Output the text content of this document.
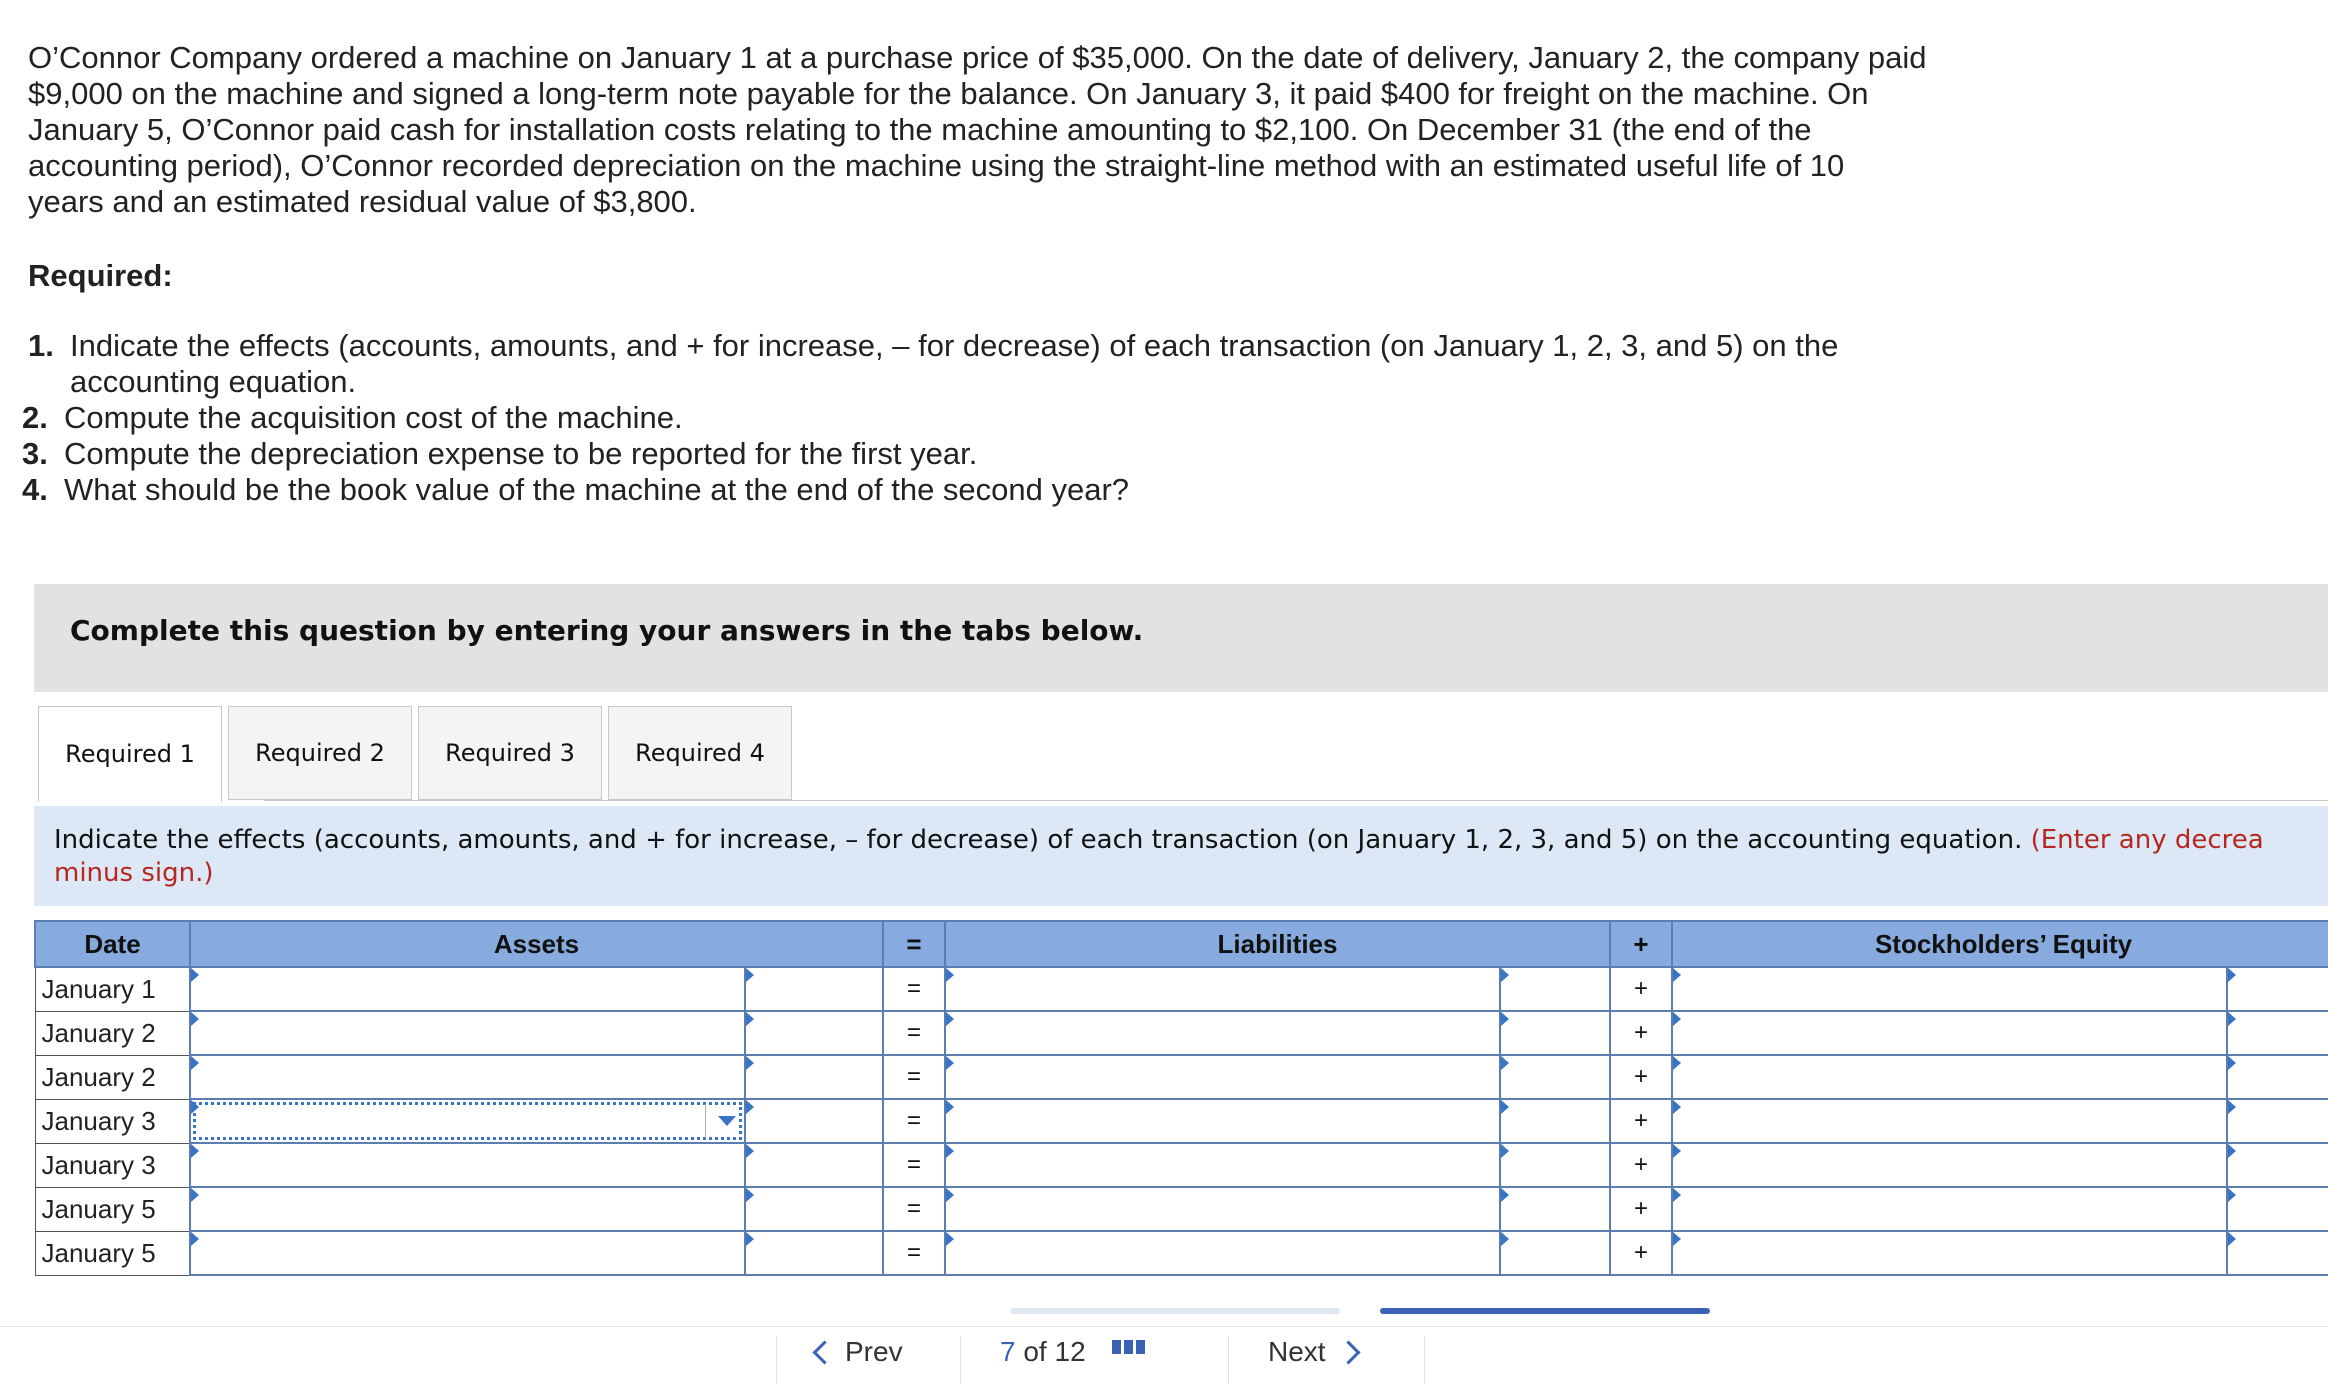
O’Connor Company ordered a machine on January 1 at a purchase price of $35,000. On the date of delivery, January 2, the company paid $9,000 on the machine and signed a long-term note payable for the balance. On January 3, it paid $400 for freight on the machine. On January 5, O’Connor paid cash for installation costs relating to the machine amounting to $2,100. On December 31 (the end of the accounting period), O’Connor recorded depreciation on the machine using the straight-line method with an estimated useful life of 10 years and an estimated residual value of $3,800.

Required:

1. Indicate the effects (accounts, amounts, and + for increase, – for decrease) of each transaction (on January 1, 2, 3, and 5) on the accounting equation.
2. Compute the acquisition cost of the machine.
3. Compute the depreciation expense to be reported for the first year.
4. What should be the book value of the machine at the end of the second year?
Complete this question by entering your answers in the tabs below.
Required 1	Required 2	Required 3	Required 4
Indicate the effects (accounts, amounts, and + for increase, – for decrease) of each transaction (on January 1, 2, 3, and 5) on the accounting equation. (Enter any decrea
minus sign.)
Date	Assets		=	Liabilities		+	Stockholders’ Equity	
January 1			=			+		
January 2			=			+		
January 2			=			+		
January 3			=			+		
January 3			=			+		
January 5			=			+		
January 5			=			+		
Prev	7
of
12	Next
